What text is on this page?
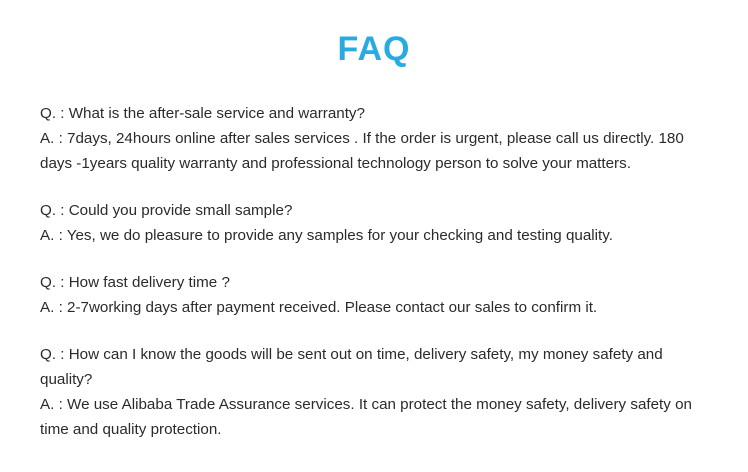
FAQ
Q. : What is the after-sale service and warranty?
A. : 7days, 24hours online after sales services . If the order is urgent, please call us directly. 180 days -1years quality warranty and professional technology person to solve your matters.
Q. : Could you provide small sample?
A. : Yes, we do pleasure to provide any samples for your checking and testing quality.
Q. : How fast delivery time ?
A. : 2-7working days after payment received. Please contact our sales to confirm it.
Q. : How can I know the goods will be sent out on time, delivery safety, my money safety and quality?
A. : We use Alibaba Trade Assurance services. It can protect the money safety, delivery safety on time and quality protection.
